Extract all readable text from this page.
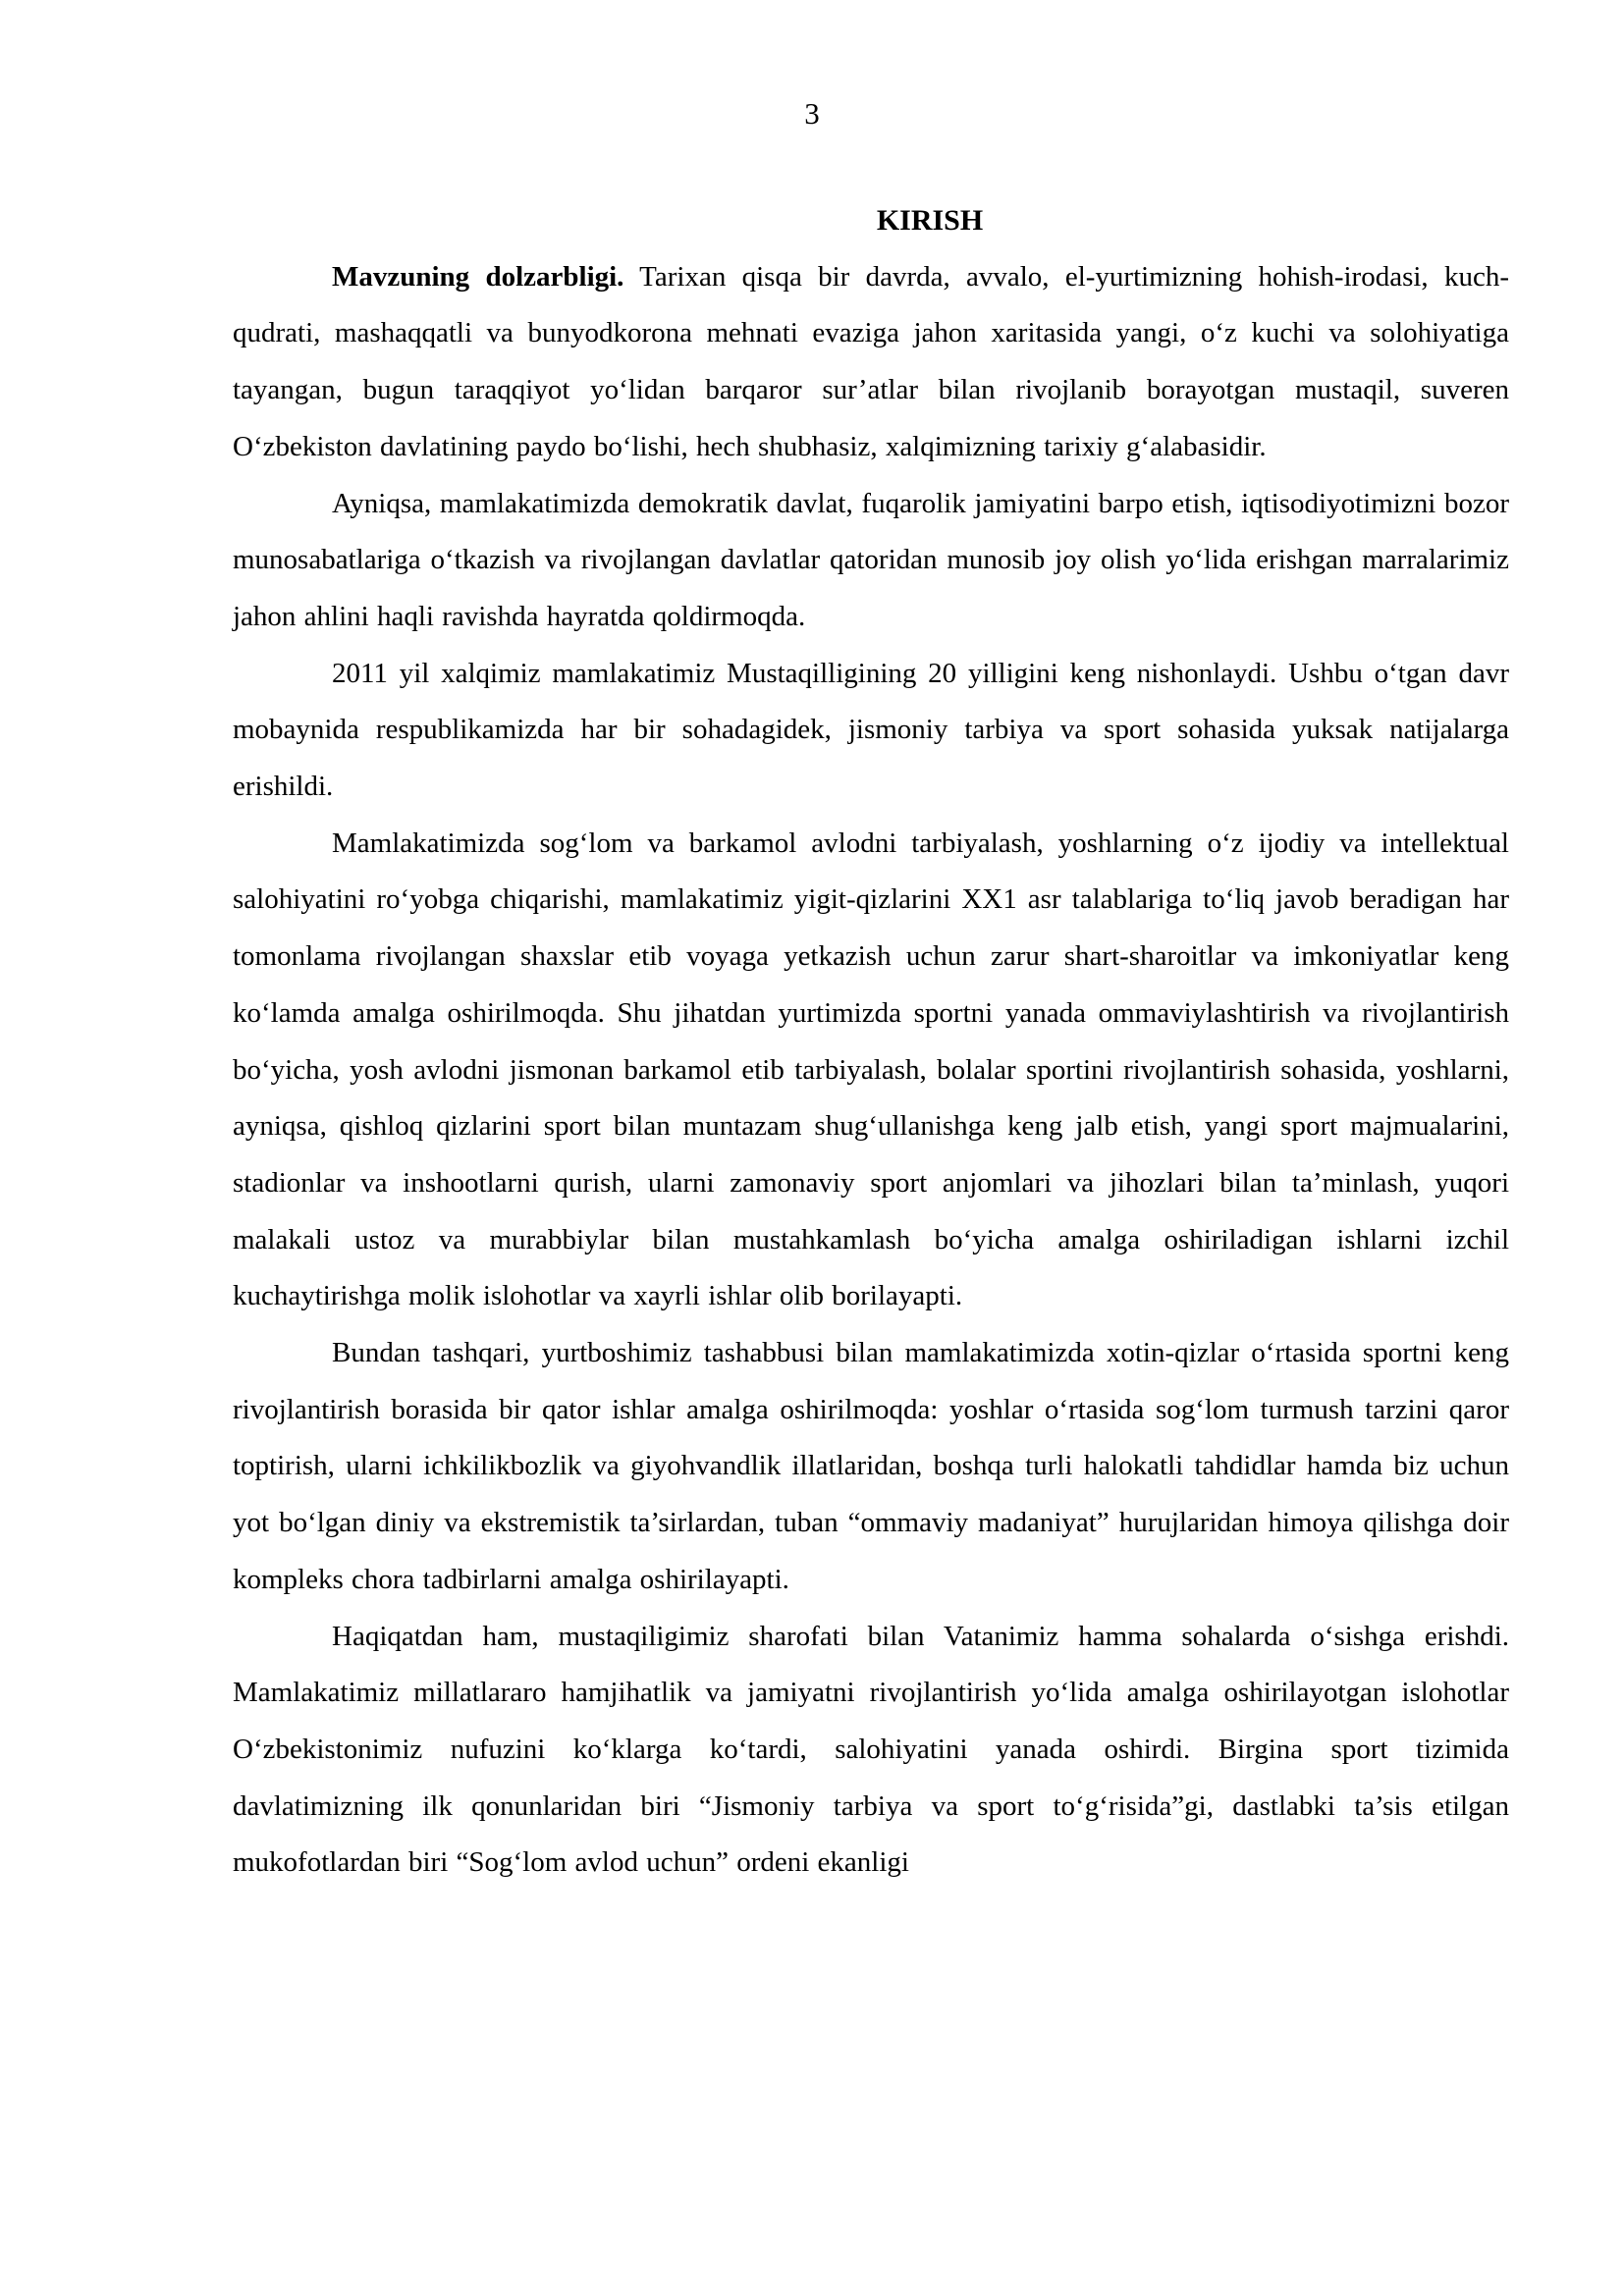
3

KIRISH

Mavzuning dolzarbligi. Tarixan qisqa bir davrda, avvalo, el-yurtimizning hohish-irodasi, kuch-qudrati, mashaqqatli va bunyodkorona mehnati evaziga jahon xaritasida yangi, o‘z kuchi va solohiyatiga tayangan, bugun taraqqiyot yo‘lidan barqaror sur’atlar bilan rivojlanib borayotgan mustaqil, suveren O‘zbekiston davlatining paydo bo‘lishi, hech shubhasiz, xalqimizning tarixiy g‘alabasidir.

Ayniqsa, mamlakatimizda demokratik davlat, fuqarolik jamiyatini barpo etish, iqtisodiyotimizni bozor munosabatlariga o‘tkazish va rivojlangan davlatlar qatoridan munosib joy olish yo‘lida erishgan marralarimiz jahon ahlini haqli ravishda hayratda qoldirmoqda.

2011 yil xalqimiz mamlakatimiz Mustaqilligining 20 yilligini keng nishonlaydi. Ushbu o‘tgan davr mobaynida respublikamizda har bir sohadagidek, jismoniy tarbiya va sport sohasida yuksak natijalarga erishildi.

Mamlakatimizda sog‘lom va barkamol avlodni tarbiyalash, yoshlarning o‘z ijodiy va intellektual salohiyatini ro‘yobga chiqarishi, mamlakatimiz yigit-qizlarini XX1 asr talablariga to‘liq javob beradigan har tomonlama rivojlangan shaxslar etib voyaga yetkazish uchun zarur shart-sharoitlar va imkoniyatlar keng ko‘lamda amalga oshirilmoqda. Shu jihatdan yurtimizda sportni yanada ommaviylashtirish va rivojlantirish bo‘yicha, yosh avlodni jismonan barkamol etib tarbiyalash, bolalar sportini rivojlantirish sohasida, yoshlarni, ayniqsa, qishloq qizlarini sport bilan muntazam shug‘ullanishga keng jalb etish, yangi sport majmualarini, stadionlar va inshootlarni qurish, ularni zamonaviy sport anjomlari va jihozlari bilan ta’minlash, yuqori malakali ustoz va murabbiylar bilan mustahkamlash bo‘yicha amalga oshiriladigan ishlarni izchil kuchaytirishga molik islohotlar va xayrli ishlar olib borilayapti.

Bundan tashqari, yurtboshimiz tashabbusi bilan mamlakatimizda xotin-qizlar o‘rtasida sportni keng rivojlantirish borasida bir qator ishlar amalga oshirilmoqda: yoshlar o‘rtasida sog‘lom turmush tarzini qaror toptirish, ularni ichkilikbozlik va giyohvandlik illatlaridan, boshqa turli halokatli tahdidlar hamda biz uchun yot bo‘lgan diniy va ekstremistik ta’sirlardan, tuban “ommaviy madaniyat” hurujlaridan himoya qilishga doir kompleks chora tadbirlarni amalga oshirilayapti.

Haqiqatdan ham, mustaqiligimiz sharofati bilan Vatanimiz hamma sohalarda o‘sishga erishdi. Mamlakatimiz millatlararo hamjihatlik va jamiyatni rivojlantirish yo‘lida amalga oshirilayotgan islohotlar O‘zbekistonimiz nufuzini ko‘klarga ko‘tardi, salohiyatini yanada oshirdi. Birgina sport tizimida davlatimizning ilk qonunlaridan biri “Jismoniy tarbiya va sport to‘g‘risida”gi, dastlabki ta’sis etilgan mukofotlardan biri “Sog‘lom avlod uchun” ordeni ekanligi
